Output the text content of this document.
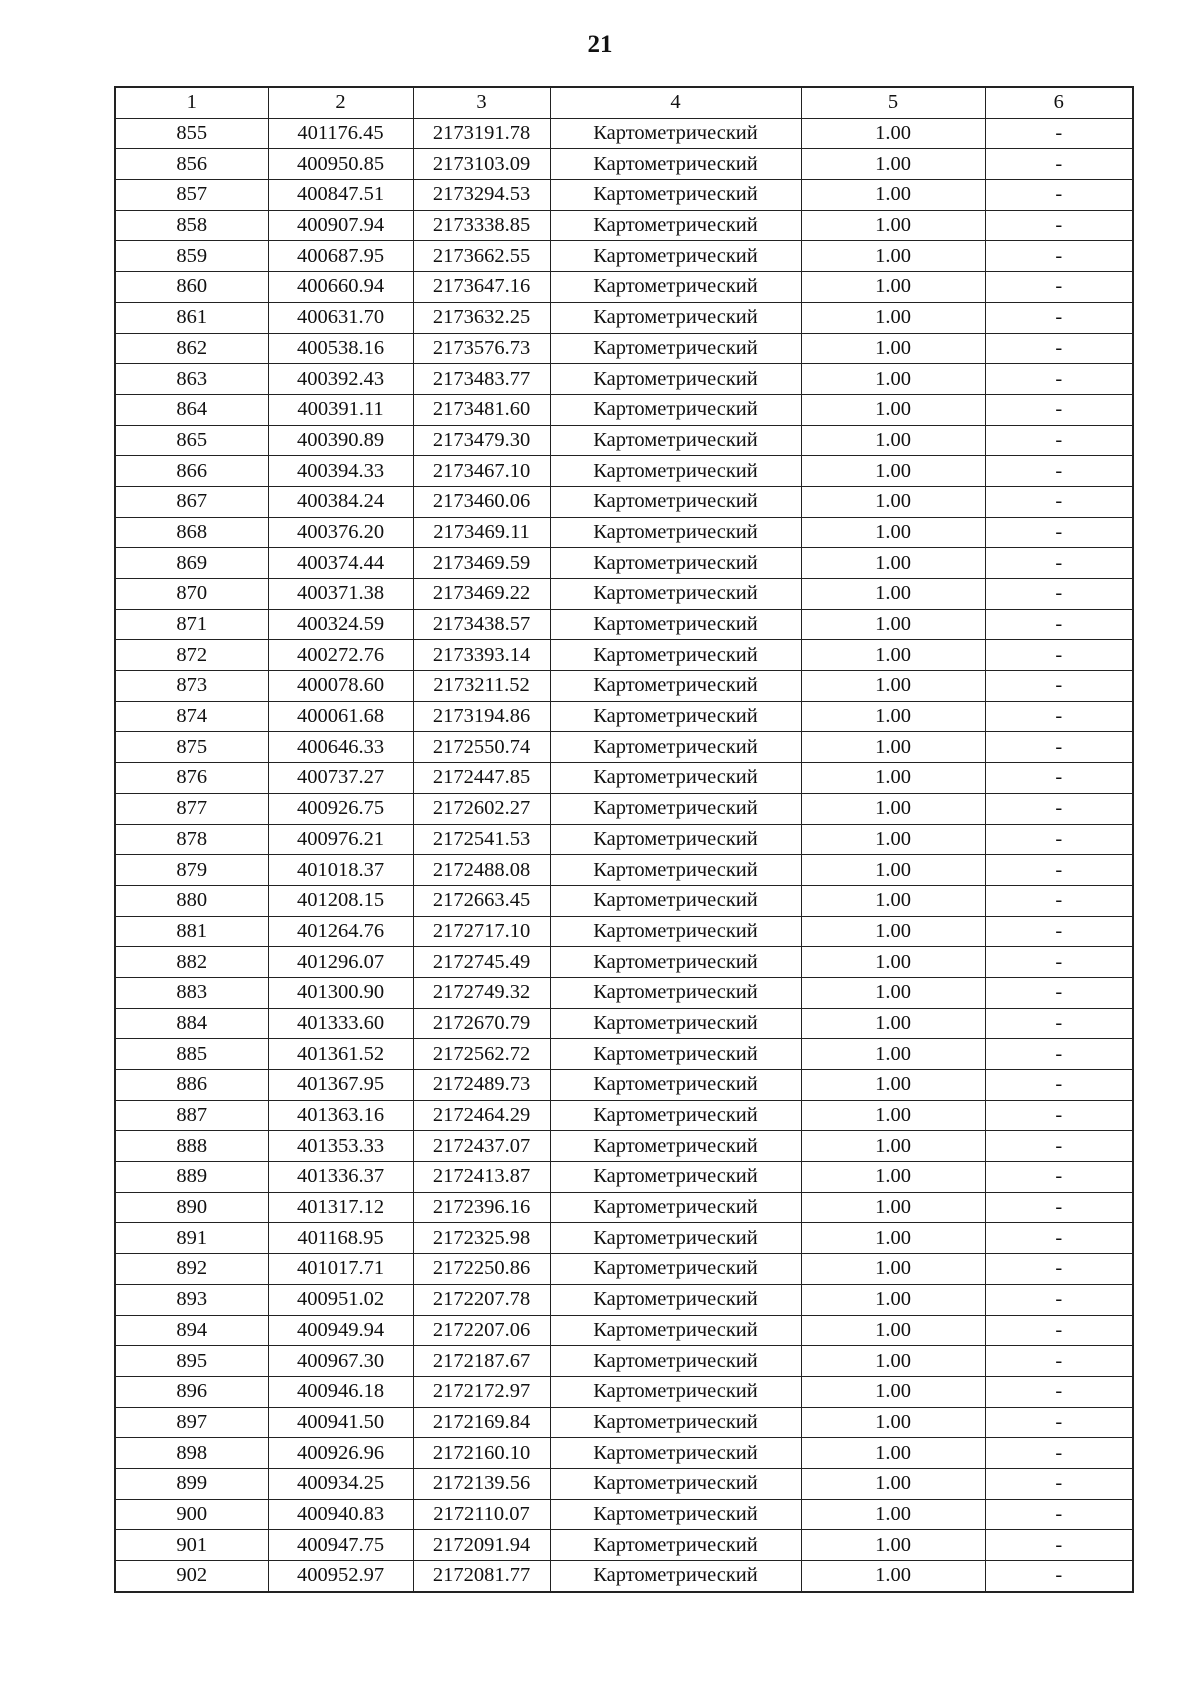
21
1	2	3	4	5	6
855	401176.45	2173191.78	Картометрический	1.00	-
856	400950.85	2173103.09	Картометрический	1.00	-
857	400847.51	2173294.53	Картометрический	1.00	-
858	400907.94	2173338.85	Картометрический	1.00	-
859	400687.95	2173662.55	Картометрический	1.00	-
860	400660.94	2173647.16	Картометрический	1.00	-
861	400631.70	2173632.25	Картометрический	1.00	-
862	400538.16	2173576.73	Картометрический	1.00	-
863	400392.43	2173483.77	Картометрический	1.00	-
864	400391.11	2173481.60	Картометрический	1.00	-
865	400390.89	2173479.30	Картометрический	1.00	-
866	400394.33	2173467.10	Картометрический	1.00	-
867	400384.24	2173460.06	Картометрический	1.00	-
868	400376.20	2173469.11	Картометрический	1.00	-
869	400374.44	2173469.59	Картометрический	1.00	-
870	400371.38	2173469.22	Картометрический	1.00	-
871	400324.59	2173438.57	Картометрический	1.00	-
872	400272.76	2173393.14	Картометрический	1.00	-
873	400078.60	2173211.52	Картометрический	1.00	-
874	400061.68	2173194.86	Картометрический	1.00	-
875	400646.33	2172550.74	Картометрический	1.00	-
876	400737.27	2172447.85	Картометрический	1.00	-
877	400926.75	2172602.27	Картометрический	1.00	-
878	400976.21	2172541.53	Картометрический	1.00	-
879	401018.37	2172488.08	Картометрический	1.00	-
880	401208.15	2172663.45	Картометрический	1.00	-
881	401264.76	2172717.10	Картометрический	1.00	-
882	401296.07	2172745.49	Картометрический	1.00	-
883	401300.90	2172749.32	Картометрический	1.00	-
884	401333.60	2172670.79	Картометрический	1.00	-
885	401361.52	2172562.72	Картометрический	1.00	-
886	401367.95	2172489.73	Картометрический	1.00	-
887	401363.16	2172464.29	Картометрический	1.00	-
888	401353.33	2172437.07	Картометрический	1.00	-
889	401336.37	2172413.87	Картометрический	1.00	-
890	401317.12	2172396.16	Картометрический	1.00	-
891	401168.95	2172325.98	Картометрический	1.00	-
892	401017.71	2172250.86	Картометрический	1.00	-
893	400951.02	2172207.78	Картометрический	1.00	-
894	400949.94	2172207.06	Картометрический	1.00	-
895	400967.30	2172187.67	Картометрический	1.00	-
896	400946.18	2172172.97	Картометрический	1.00	-
897	400941.50	2172169.84	Картометрический	1.00	-
898	400926.96	2172160.10	Картометрический	1.00	-
899	400934.25	2172139.56	Картометрический	1.00	-
900	400940.83	2172110.07	Картометрический	1.00	-
901	400947.75	2172091.94	Картометрический	1.00	-
902	400952.97	2172081.77	Картометрический	1.00	-
